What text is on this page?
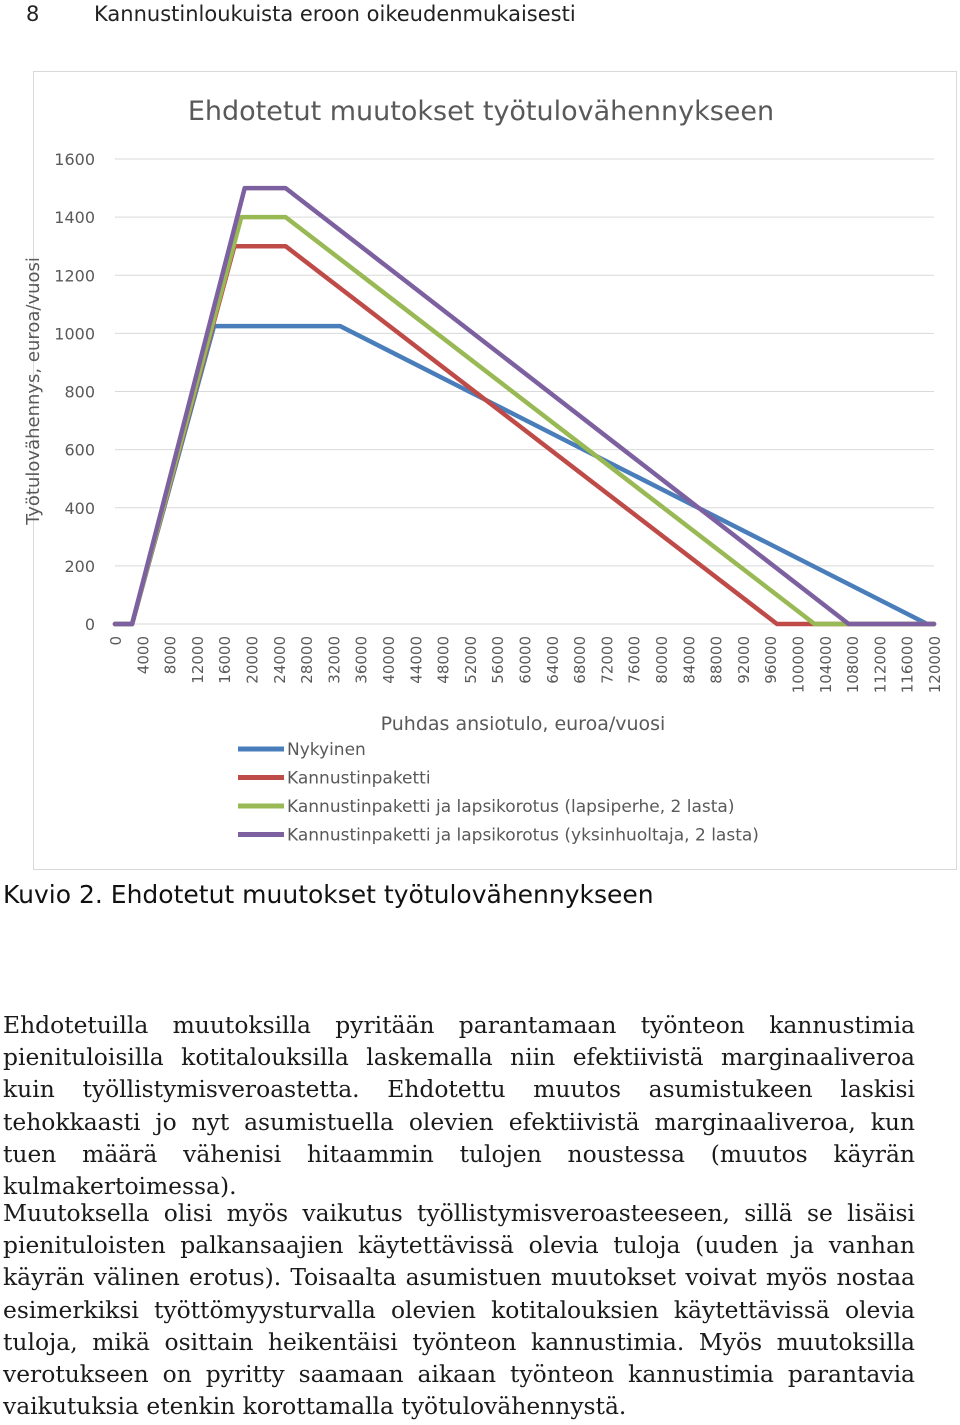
8	Kannustinloukuista eroon oikeudenmukaisesti
0
200
400
600
800
1000
1200
1400
1600
0 4000 8000 12000 16000 20000 24000 28000 32000 36000 40000 44000 48000 52000 56000 60000 64000 68000 72000 76000 80000 84000 88000 92000 96000 100000 104000 108000 112000 116000 120000
Nykyinen
Kannustinpaketti
Kannustinpaketti ja lapsikorotus (lapsiperhe, 2 lasta)
Kannustinpaketti ja lapsikorotus (yksinhuoltaja, 2 lasta)
Ehdotetut muutokset työtulovähennykseen
Työtulovähennys, euroa/vuosi
Puhdas ansiotulo, euroa/vuosi
Kuvio 2. Ehdotetut muutokset työtulovähennykseen

Ehdotetuilla muutoksilla pyritään parantamaan työnteon kannustimia pienituloisilla kotitalouksilla laskemalla niin efektiivistä marginaaliveroa kuin työllistymisveroastetta. Ehdotettu muutos asumistukeen laskisi tehokkaasti jo nyt asumistuella olevien efektiivistä marginaaliveroa, kun tuen määrä vähenisi hitaammin tulojen noustessa (muutos käyrän kulmakertoimessa).

Muutoksella olisi myös vaikutus työllistymisveroasteeseen, sillä se lisäisi pienituloisten palkansaajien käytettävissä olevia tuloja (uuden ja vanhan käyrän välinen erotus). Toisaalta asumistuen muutokset voivat myös nostaa esimerkiksi työttömyysturvalla olevien kotitalouksien käytettävissä olevia tuloja, mikä osittain heikentäisi työnteon kannustimia. Myös muutoksilla verotukseen on pyritty saamaan aikaan työnteon kannustimia parantavia vaikutuksia etenkin korottamalla työtulovähennystä.
